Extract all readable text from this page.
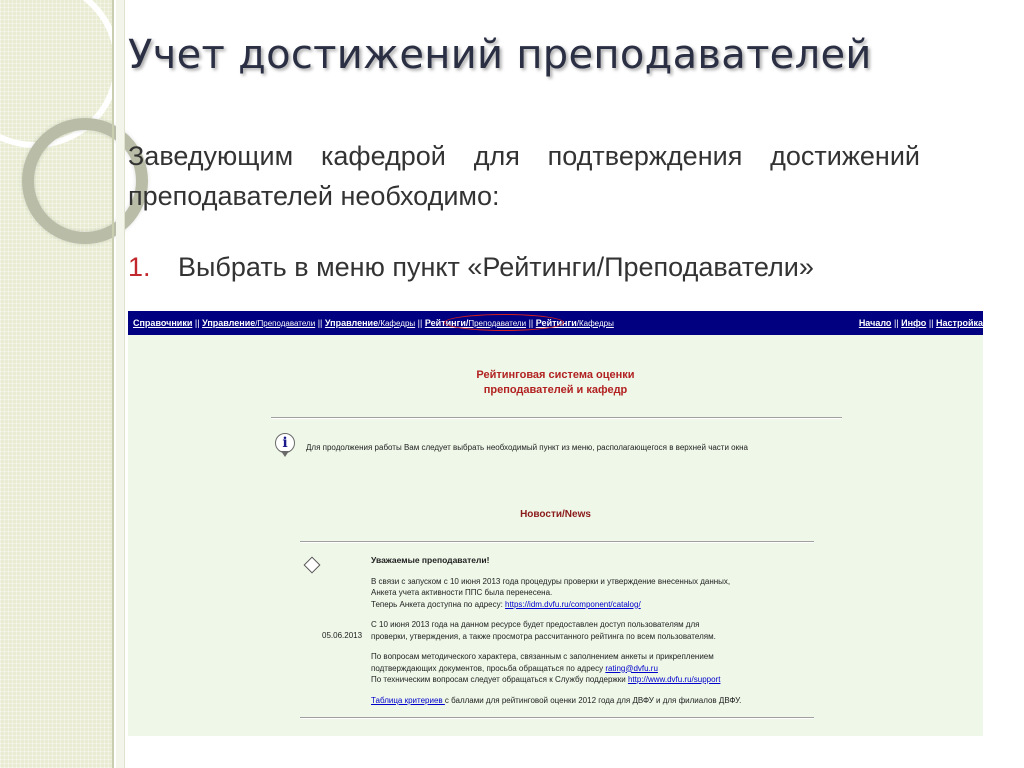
Учет достижений преподавателей

Заведующим кафедрой для подтверждения достижений преподавателей необходимо:

1. Выбрать в меню пункт «Рейтинги/Преподаватели»

Справочники || Управление/Преподаватели || Управление/Кафедры || Рейтинги/Преподаватели || Рейтинги/Кафедры	Начало || Инфо || Настройка
Рейтинговая система оценки
преподавателей и кафедр
i	Для продолжения работы Вам следует выбрать необходимый пункт из меню, располагающегося в верхней части окна
Новости/News
05.06.2013

Уважаемые преподаватели!

В связи с запуском с 10 июня 2013 года процедуры проверки и утверждение внесенных данных,
Анкета учета активности ППС была перенесена.
Теперь Анкета доступна по адресу: https://idm.dvfu.ru/component/catalog/

С 10 июня 2013 года на данном ресурсе будет предоставлен доступ пользователям для
проверки, утверждения, а также просмотра рассчитанного рейтинга по всем пользователям.

По вопросам методического характера, связанным с заполнением анкеты и прикреплением
подтверждающих документов, просьба обращаться по адресу rating@dvfu.ru
По техническим вопросам следует обращаться к Службу поддержки http://www.dvfu.ru/support

Таблица критериев с баллами для рейтинговой оценки 2012 года для ДВФУ и для филиалов ДВФУ.
